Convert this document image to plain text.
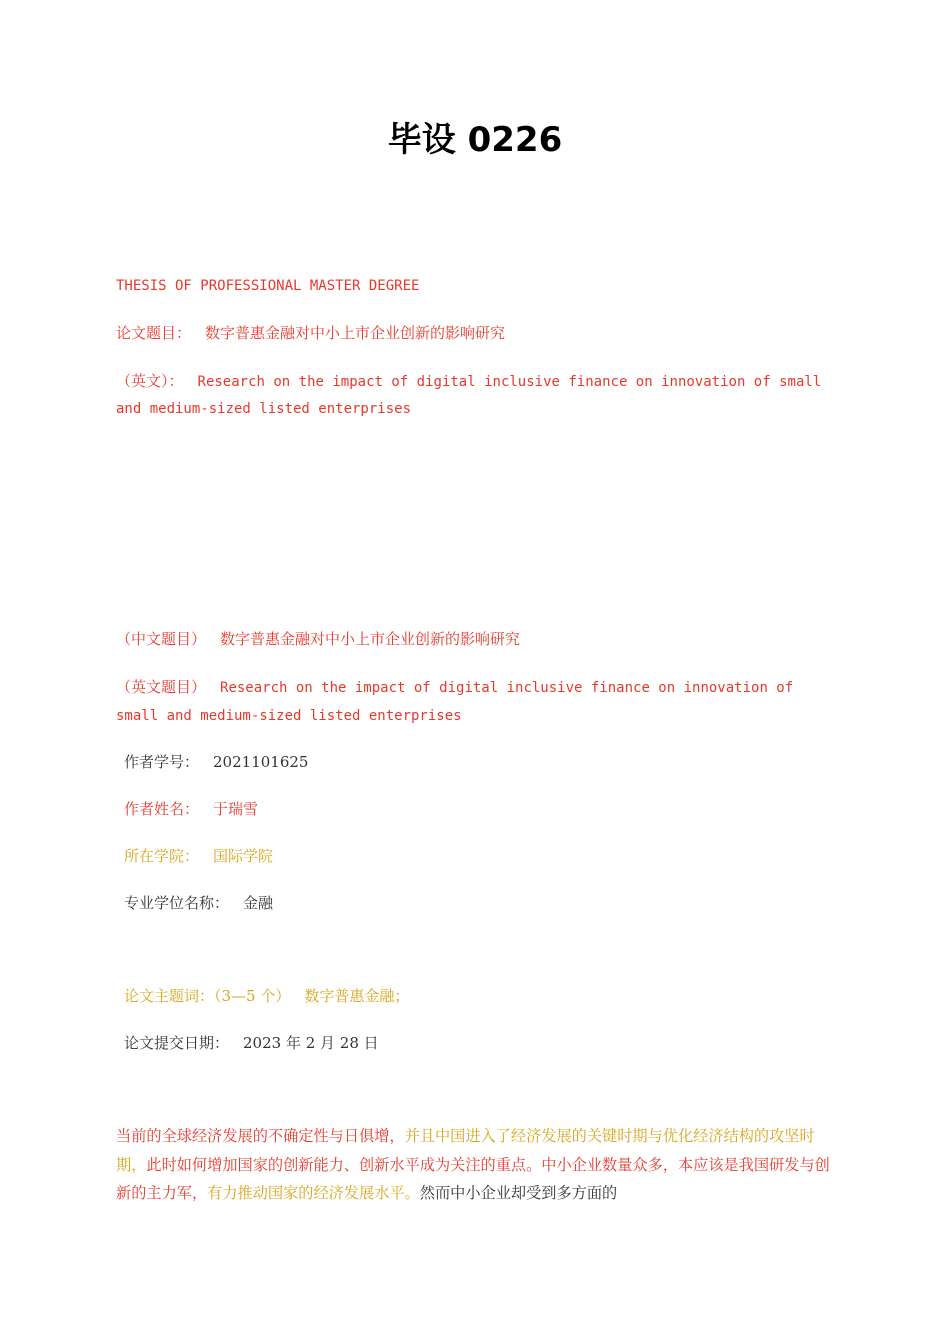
毕设 0226
THESIS OF PROFESSIONAL MASTER DEGREE
论文题目： 数字普惠金融对中小上市企业创新的影响研究
（英文）： Research on the impact of digital inclusive finance on innovation of small
and medium-sized listed enterprises
（中文题目） 数字普惠金融对中小上市企业创新的影响研究
（英文题目） Research on the impact of digital inclusive finance on innovation of
small and medium-sized listed enterprises
作者学号： 2021101625
作者姓名： 于瑞雪
所在学院： 国际学院
专业学位名称： 金融
论文主题词：（3—5 个） 数字普惠金融；
论文提交日期： 2023 年 2 月 28 日
当前的全球经济发展的不确定性与日俱增，并且中国进入了经济发展的关键时期与优化经济结构的攻坚时期，此时如何增加国家的创新能力、创新水平成为关注的重点。中小企业数量众多，本应该是我国研发与创新的主力军，有力推动国家的经济发展水平。然而中小企业却受到多方面的
